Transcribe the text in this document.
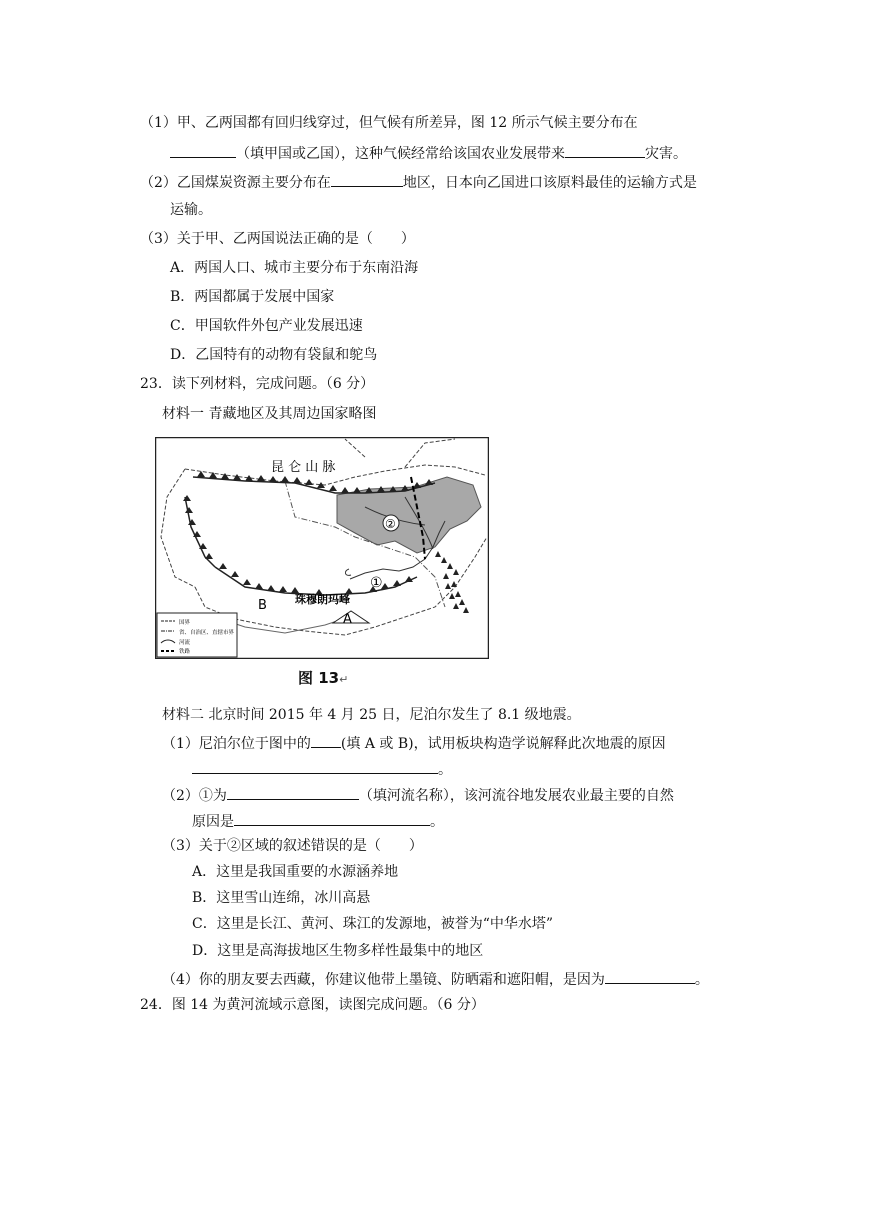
（1）甲、乙两国都有回归线穿过，但气候有所差异，图 12 所示气候主要分布在
（填甲国或乙国），这种气候经常给该国农业发展带来	灾害。
（2）乙国煤炭资源主要分布在	地区，日本向乙国进口该原料最佳的运输方式是
运输。
（3）关于甲、乙两国说法正确的是（　　）
A．两国人口、城市主要分布于东南沿海
B．两国都属于发展中国家
C．甲国软件外包产业发展迅速
D．乙国特有的动物有袋鼠和鸵鸟
23．读下列材料，完成问题。（6 分）
材料一 青藏地区及其周边国家略图
昆 仑 山 脉
②
①
珠穆朗玛峰
B
A
国界
省、自治区、直辖市界
河流
铁路
图 13↵
材料二 北京时间 2015 年 4 月 25 日，尼泊尔发生了 8.1 级地震。
（1）尼泊尔位于图中的 (填 A 或 B)，试用板块构造学说解释此次地震的原因
。
（2）①为	（填河流名称），该河流谷地发展农业最主要的自然
原因是	。
（3）关于②区域的叙述错误的是（　　）
A．这里是我国重要的水源涵养地
B．这里雪山连绵，冰川高悬
C．这里是长江、黄河、珠江的发源地，被誉为“中华水塔”
D．这里是高海拔地区生物多样性最集中的地区
（4）你的朋友要去西藏，你建议他带上墨镜、防晒霜和遮阳帽，是因为	。
24．图 14 为黄河流域示意图，读图完成问题。（6 分）
